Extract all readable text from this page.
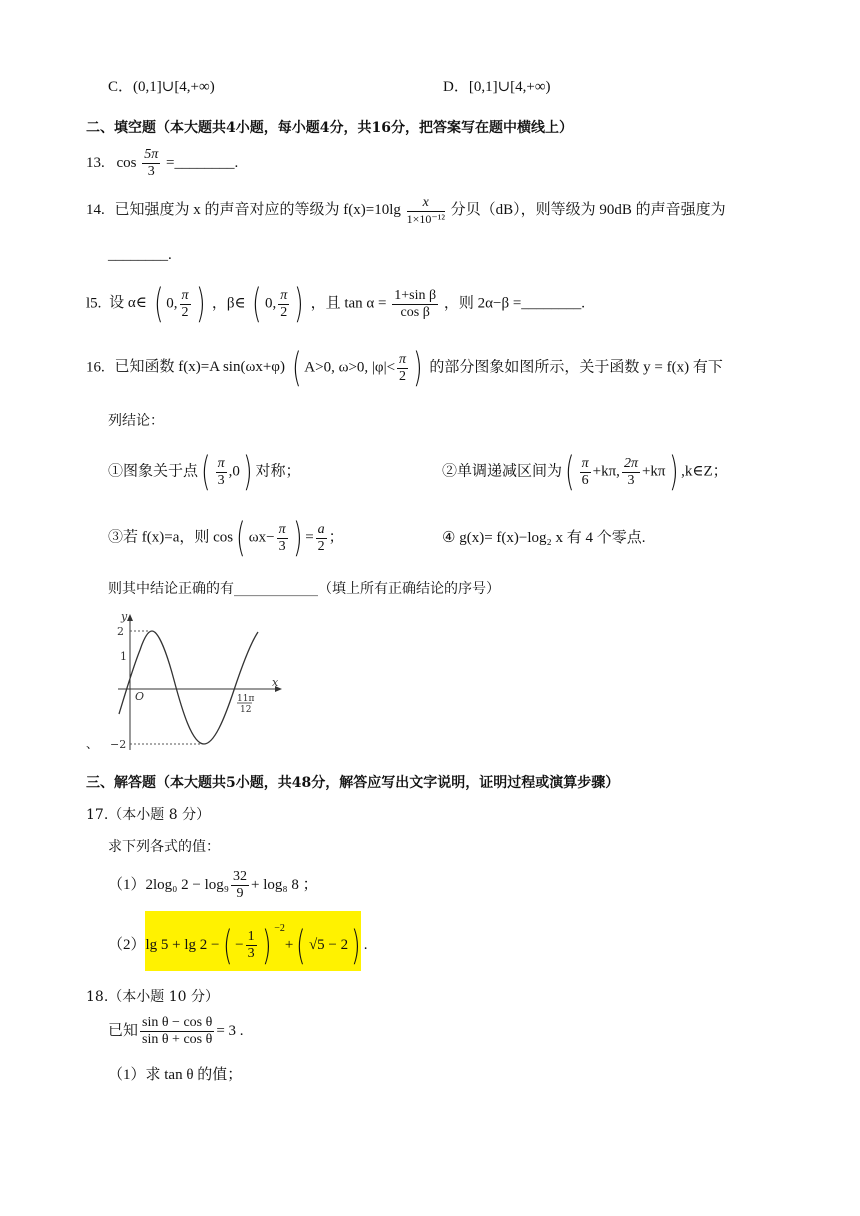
C．(0,1]∪[4,+∞)	D．[0,1]∪[4,+∞)
二、填空题（本大题共4小题，每小题4分，共16分，把答案写在题中横线上）
13. $\cos \frac{5\pi}{3}$ =________.
14. 已知强度为 x 的声音对应的等级为 $f(x)=10\lg \frac{x}{\text{1×10⁻¹²}}$ 分贝（dB），则等级为 90dB 的声音强度为
________.
l5. 设 α∈ ( 0, $\frac{\pi}{2}$ ) ，β∈ ( 0, $\frac{\pi}{2}$ ) ，且 $\tan \alpha = \frac{\text{1+sin β}}{\text{cos β}}$ ，则 2α−β =________.
16. 已知函数 f(x)=A sin(ωx+φ) ( A>0, ω>0, $|\varphi|< \frac{\pi}{2}$ ) 的部分图象如图所示，关于函数 y = f(x) 有下
列结论：
①图象关于点( $\frac{\pi}{3} ,0$) 对称；	②单调递减区间为( $\frac{\pi}{6} +k\pi$, $\frac{2\pi}{3} +k\pi$) ,k∈Z；
③若 f(x)=a，则 cos( $\omega x- \frac{\pi}{3}$ ) = $\frac{a}{2}$ ；	④ g(x)= f(x)−log₂ x 有 4 个零点.
则其中结论正确的有____________（填上所有正确结论的序号）
y
x
O
2
1
−2
11π
12
、
三、解答题（本大题共5小题，共48分，解答应写出文字说明，证明过程或演算步骤）
17.（本小题 8 分）
求下列各式的值：
（1）2log₀ $2 - \log_9 \frac{32}{9} + \log_8$ 8 ；
（2）lg 5 + lg 2 −( − $\frac{1}{3}$ ) $^{-2}$+( √5 − 2) .
18.（本小题 10 分）
已知 $\frac{\text{sin θ − cos θ}}{\text{sin θ + cos θ}} = 3$ .
（1）求 tan θ 的值；
